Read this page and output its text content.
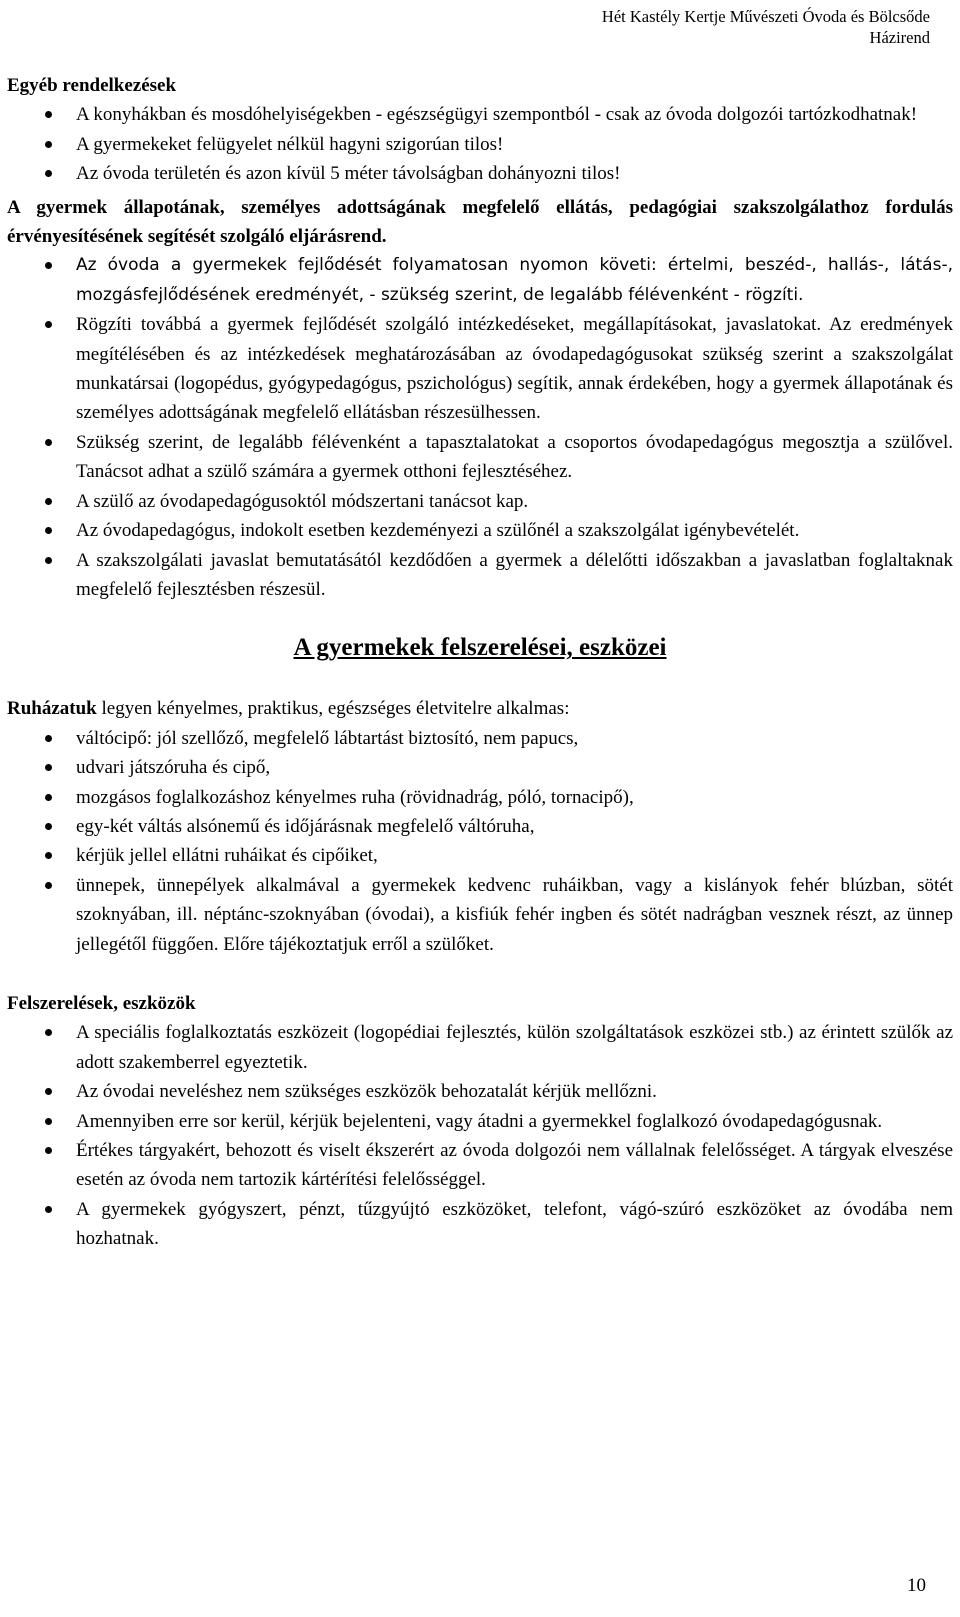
Hét Kastély Kertje Művészeti Óvoda és Bölcsőde
Házirend
Egyéb rendelkezések
A konyhákban és mosdóhelyiségekben - egészségügyi szempontból - csak az óvoda dolgozói tartózkodhatnak!
A gyermekeket felügyelet nélkül hagyni szigorúan tilos!
Az óvoda területén és azon kívül 5 méter távolságban dohányozni tilos!
A gyermek állapotának, személyes adottságának megfelelő ellátás, pedagógiai szakszolgálathoz fordulás érvényesítésének segítését szolgáló eljárásrend.
Az óvoda a gyermekek fejlődését folyamatosan nyomon követi: értelmi, beszéd-, hallás-, látás-, mozgásfejlődésének eredményét, - szükség szerint, de legalább félévenként - rögzíti.
Rögzíti továbbá a gyermek fejlődését szolgáló intézkedéseket, megállapításokat, javaslatokat. Az eredmények megítélésében és az intézkedések meghatározásában az óvodapedagógusokat szükség szerint a szakszolgálat munkatársai (logopédus, gyógypedagógus, pszichológus) segítik, annak érdekében, hogy a gyermek állapotának és személyes adottságának megfelelő ellátásban részesülhessen.
Szükség szerint, de legalább félévenként a tapasztalatokat a csoportos óvodapedagógus megosztja a szülővel. Tanácsot adhat a szülő számára a gyermek otthoni fejlesztéséhez.
A szülő az óvodapedagógusoktól módszertani tanácsot kap.
Az óvodapedagógus, indokolt esetben kezdeményezi a szülőnél a szakszolgálat igénybevételét.
A szakszolgálati javaslat bemutatásától kezdődően a gyermek a délelőtti időszakban a javaslatban foglaltaknak megfelelő fejlesztésben részesül.
A gyermekek felszerelései, eszközei
Ruházatuk legyen kényelmes, praktikus, egészséges életvitelre alkalmas:
váltócipő: jól szellőző, megfelelő lábtartást biztosító, nem papucs,
udvari játszóruha és cipő,
mozgásos foglalkozáshoz kényelmes ruha (rövidnadrág, póló, tornacipő),
egy-két váltás alsónemű és időjárásnak megfelelő váltóruha,
kérjük jellel ellátni ruháikat és cipőiket,
ünnepek, ünnepélyek alkalmával a gyermekek kedvenc ruháikban, vagy a kislányok fehér blúzban, sötét szoknyában, ill. néptánc-szoknyában (óvodai), a kisfiúk fehér ingben és sötét nadrágban vesznek részt, az ünnep jellegétől függően. Előre tájékoztatjuk erről a szülőket.
Felszerelések, eszközök
A speciális foglalkoztatás eszközeit (logopédiai fejlesztés, külön szolgáltatások eszközei stb.) az érintett szülők az adott szakemberrel egyeztetik.
Az óvodai neveléshez nem szükséges eszközök behozatalát kérjük mellőzni.
Amennyiben erre sor kerül, kérjük bejelenteni, vagy átadni a gyermekkel foglalkozó óvodapedagógusnak.
Értékes tárgyakért, behozott és viselt ékszerért az óvoda dolgozói nem vállalnak felelősséget. A tárgyak elveszése esetén az óvoda nem tartozik kártérítési felelősséggel.
A gyermekek gyógyszert, pénzt, tűzgyújtó eszközöket, telefont, vágó-szúró eszközöket az óvodába nem hozhatnak.
10
